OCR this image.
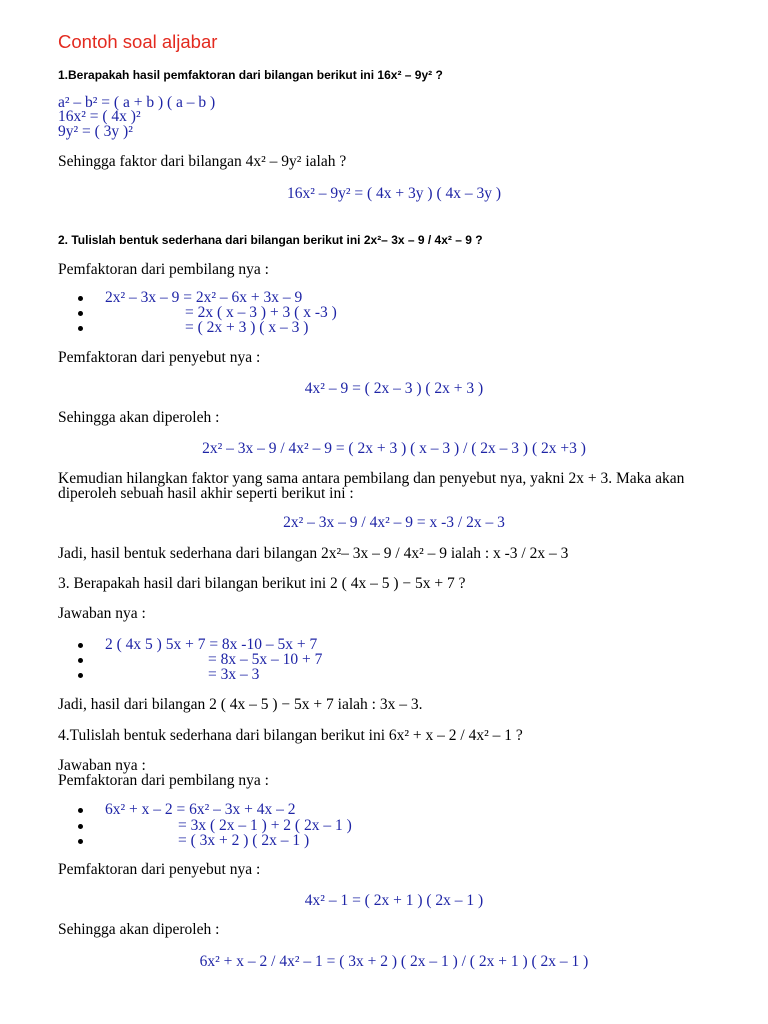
Contoh soal aljabar
1.Berapakah hasil pemfaktoran dari bilangan berikut ini 16x² – 9y² ?
a² – b² = ( a + b ) ( a – b )
16x² = ( 4x )²
9y² = ( 3y )²
Sehingga faktor dari bilangan 4x² – 9y² ialah ?
16x² – 9y² = ( 4x + 3y ) ( 4x – 3y )
2. Tulislah bentuk sederhana dari bilangan berikut ini 2x²– 3x – 9 / 4x² – 9 ?
Pemfaktoran dari pembilang nya :
2x² – 3x – 9 = 2x² – 6x + 3x – 9
= 2x ( x – 3 ) + 3 ( x -3 )
= ( 2x + 3 ) ( x – 3 )
Pemfaktoran dari penyebut nya :
4x² – 9 = ( 2x – 3 ) ( 2x + 3 )
Sehingga akan diperoleh :
2x² – 3x – 9 / 4x² – 9 = ( 2x + 3 ) ( x – 3 ) / ( 2x – 3 ) ( 2x +3 )
Kemudian hilangkan faktor yang sama antara pembilang dan penyebut nya, yakni 2x + 3. Maka akan
diperoleh sebuah hasil akhir seperti berikut ini :
2x² – 3x – 9 / 4x² – 9 = x -3 / 2x – 3
Jadi, hasil bentuk sederhana dari bilangan 2x²– 3x – 9 / 4x² – 9 ialah : x -3 / 2x – 3
3. Berapakah hasil dari bilangan berikut ini 2 ( 4x – 5 ) − 5x + 7 ?
Jawaban nya :
2 ( 4x 5 ) 5x + 7 = 8x -10 – 5x + 7
= 8x – 5x – 10 + 7
= 3x – 3
Jadi, hasil dari bilangan 2 ( 4x – 5 ) − 5x + 7 ialah : 3x – 3.
4.Tulislah bentuk sederhana dari bilangan berikut ini 6x² + x – 2 / 4x² – 1 ?
Jawaban nya :
Pemfaktoran dari pembilang nya :
6x² + x – 2 = 6x² – 3x + 4x – 2
= 3x ( 2x – 1 ) + 2 ( 2x – 1 )
= ( 3x + 2 ) ( 2x – 1 )
Pemfaktoran dari penyebut nya :
4x² – 1 = ( 2x + 1 ) ( 2x – 1 )
Sehingga akan diperoleh :
6x² + x – 2 / 4x² – 1 = ( 3x + 2 ) ( 2x – 1 ) / ( 2x + 1 ) ( 2x – 1 )
